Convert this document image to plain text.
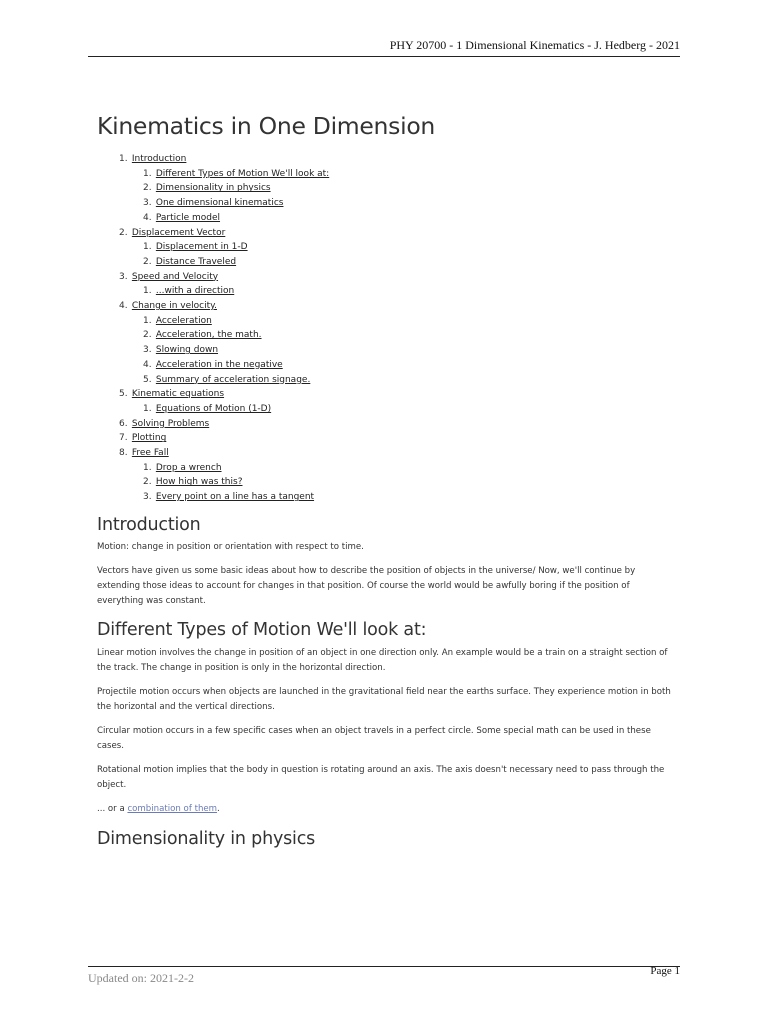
PHY 20700 - 1 Dimensional Kinematics - J. Hedberg - 2021
Kinematics in One Dimension
1. Introduction
1. Different Types of Motion We'll look at:
2. Dimensionality in physics
3. One dimensional kinematics
4. Particle model
2. Displacement Vector
1. Displacement in 1-D
2. Distance Traveled
3. Speed and Velocity
1. ...with a direction
4. Change in velocity.
1. Acceleration
2. Acceleration, the math.
3. Slowing down
4. Acceleration in the negative
5. Summary of acceleration signage.
5. Kinematic equations
1. Equations of Motion (1-D)
6. Solving Problems
7. Plotting
8. Free Fall
1. Drop a wrench
2. How high was this?
3. Every point on a line has a tangent
Introduction

Motion: change in position or orientation with respect to time.

Vectors have given us some basic ideas about how to describe the position of objects in the universe/ Now, we'll continue by extending those ideas to account for changes in that position. Of course the world would be awfully boring if the position of everything was constant.

Different Types of Motion We'll look at:

Linear motion involves the change in position of an object in one direction only. An example would be a train on a straight section of the track. The change in position is only in the horizontal direction.

Projectile motion occurs when objects are launched in the gravitational field near the earths surface. They experience motion in both the horizontal and the vertical directions.

Circular motion occurs in a few specific cases when an object travels in a perfect circle. Some special math can be used in these cases.

Rotational motion implies that the body in question is rotating around an axis. The axis doesn't necessary need to pass through the object.

... or a combination of them.

Dimensionality in physics
Updated on: 2021-2-2	Page 1
